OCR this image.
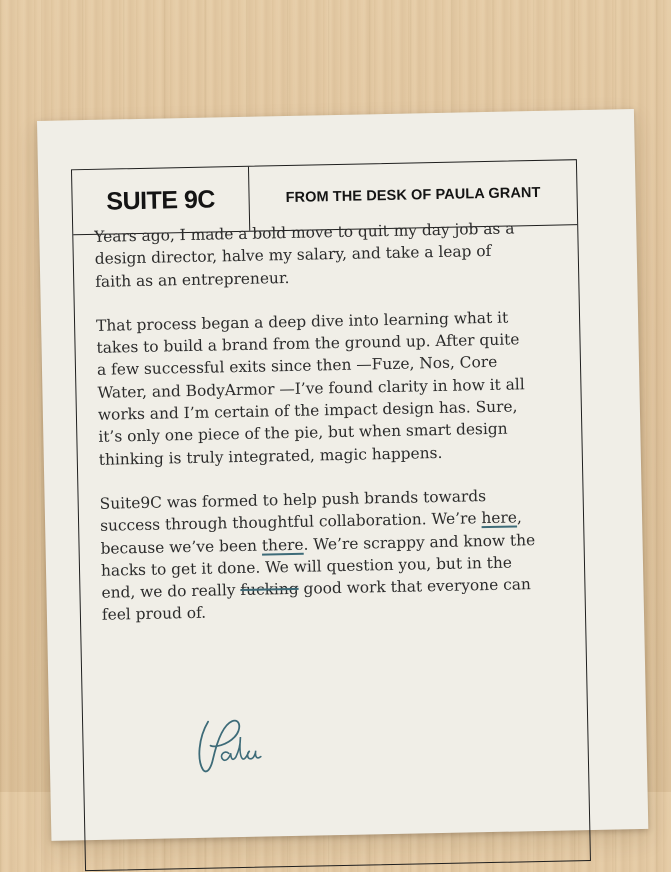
SUITE 9C	FROM THE DESK OF PAULA GRANT

Years ago, I made a bold move to quit my day job as a design director, halve my salary, and take a leap of faith as an entrepreneur.

That process began a deep dive into learning what it takes to build a brand from the ground up. After quite a few successful exits since then —Fuze, Nos, Core Water, and BodyArmor —I’ve found clarity in how it all works and I’m certain of the impact design has. Sure, it’s only one piece of the pie, but when smart design thinking is truly integrated, magic happens.

Suite9C was formed to help push brands towards success through thoughtful collaboration. We’re here, because we’ve been there. We’re scrappy and know the hacks to get it done. We will question you, but in the end, we do really fucking good work that everyone can feel proud of.
